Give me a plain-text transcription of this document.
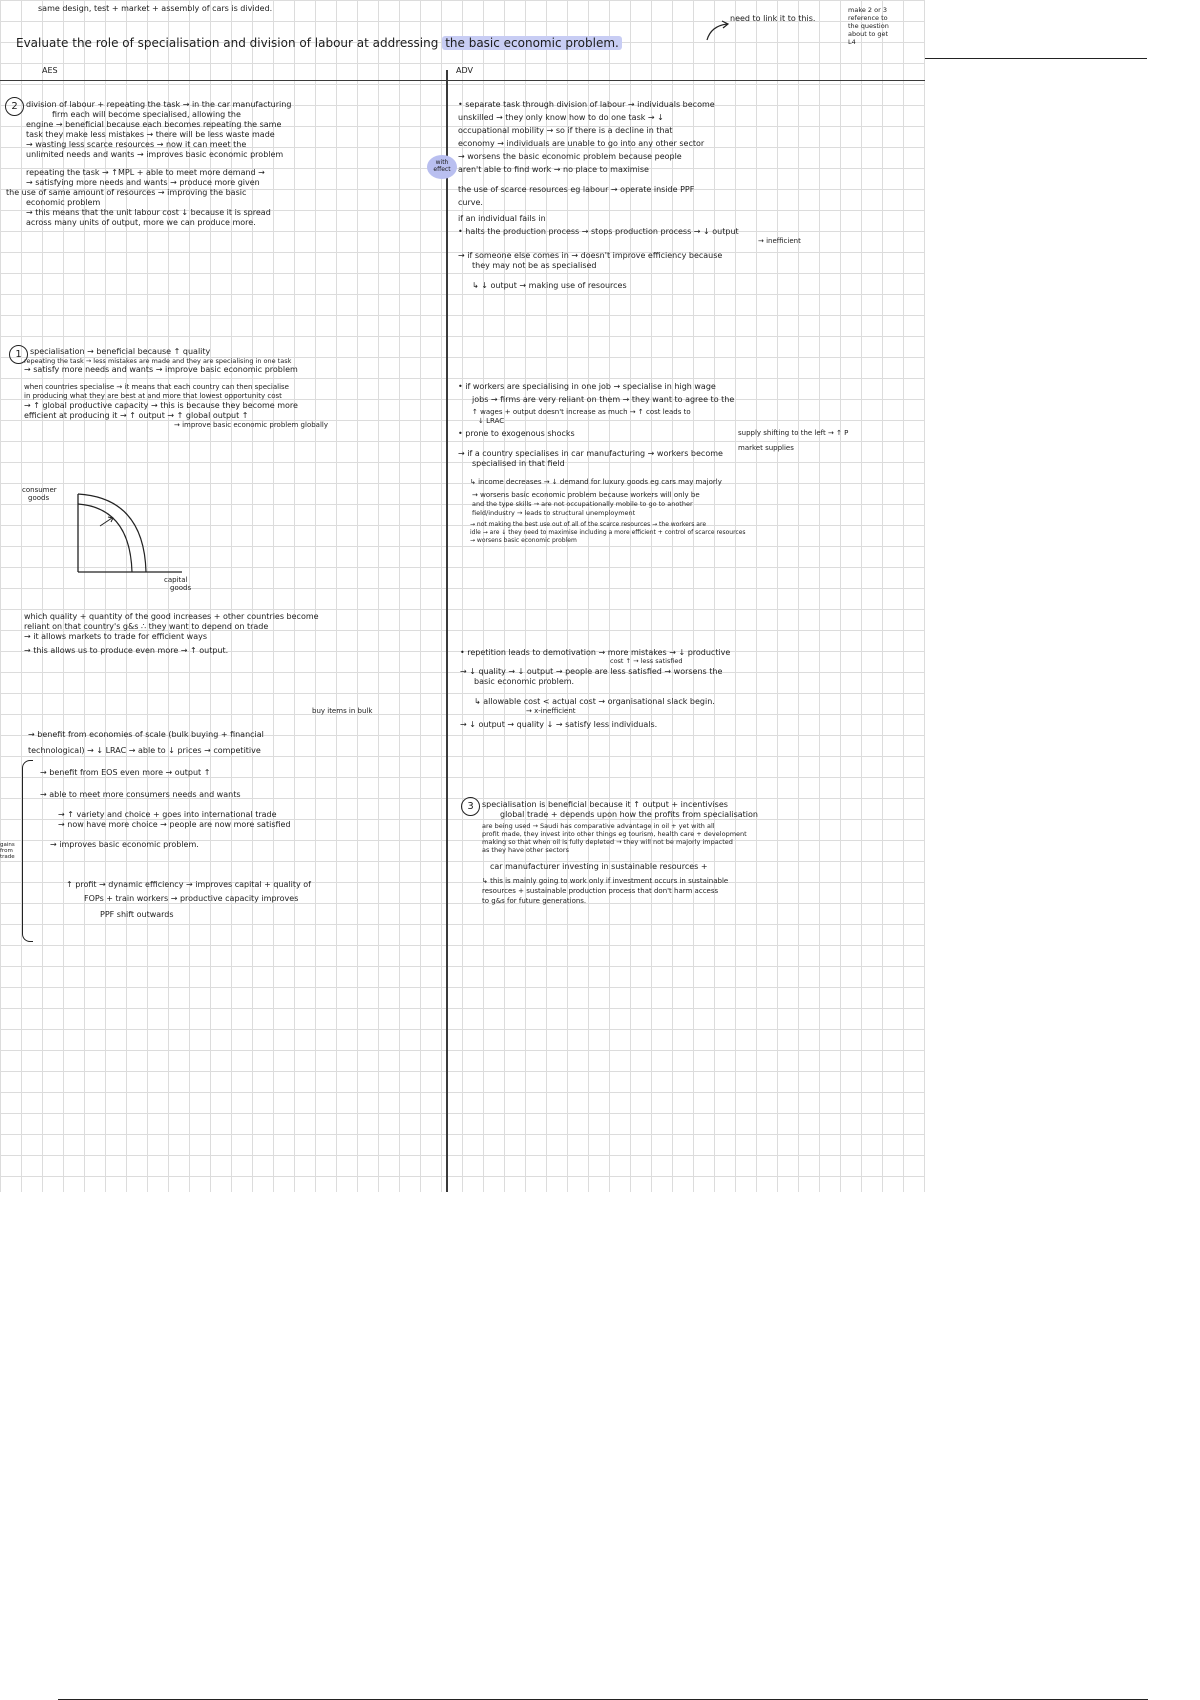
same design, test + market + assembly of cars is divided.
Evaluate the role of specialisation and division of labour at addressing the basic economic problem.
need to link it to this.
make 2 or 3
reference to
the question
about to get
L4
AES	ADV
2	division of labour + repeating the task → in the car manufacturing
firm each will become specialised, allowing the
engine → beneficial because each becomes repeating the same
task they make less mistakes → there will be less waste made
→ wasting less scarce resources → now it can meet the
unlimited needs and wants → improves basic economic problem
repeating the task → ↑MPL + able to meet more demand →
→ satisfying more needs and wants → produce more given
the use of same amount of resources → improving the basic
economic problem
→ this means that the unit labour cost ↓ because it is spread
across many units of output, more we can produce more.
1	specialisation → beneficial because ↑ quality
repeating the task → less mistakes are made and they are specialising in one task
→ satisfy more needs and wants → improve basic economic problem
when countries specialise → it means that each country can then specialise
in producing what they are best at and more that lowest opportunity cost
→ ↑ global productive capacity → this is because they become more
efficient at producing it → ↑ output → ↑ global output ↑
→ improve basic economic problem globally
consumer
goods
capital
goods
which quality + quantity of the good increases + other countries become
reliant on that country's g&s ∴ they want to depend on trade
→ it allows markets to trade for efficient ways
→ this allows us to produce even more → ↑ output.
buy items in bulk
→ benefit from economies of scale (bulk buying + financial
technological) → ↓ LRAC → able to ↓ prices → competitive
→ benefit from EOS even more → output ↑
→ able to meet more consumers needs and wants
→ ↑ variety and choice + goes into international trade
→ now have more choice → people are now more satisfied
→ improves basic economic problem.
↑ profit → dynamic efficiency → improves capital + quality of
FOPs + train workers → productive capacity improves
PPF shift outwards
gains from trade
with effect
• separate task through division of labour → individuals become
unskilled → they only know how to do one task → ↓
occupational mobility → so if there is a decline in that
economy → individuals are unable to go into any other sector
→ worsens the basic economic problem because people
aren't able to find work → no place to maximise
the use of scarce resources eg labour → operate inside PPF
curve.
if an individual fails in
• halts the production process → stops production process → ↓ output
→ inefficient
→ if someone else comes in → doesn't improve efficiency because
they may not be as specialised
↳ ↓ output → making use of resources
• if workers are specialising in one job → specialise in high wage
jobs → firms are very reliant on them → they want to agree to the
↑ wages + output doesn't increase as much → ↑ cost leads to
↓ LRAC
supply shifting to the left → ↑ P
• prone to exogenous shocks
market supplies
→ if a country specialises in car manufacturing → workers become
specialised in that field
↳ income decreases → ↓ demand for luxury goods eg cars may majorly
→ worsens basic economic problem because workers will only be
and the type skills → are not occupationally mobile to go to another
field/industry → leads to structural unemployment
→ not making the best use out of all of the scarce resources → the workers are
idle → are ↓ they need to maximise including a more efficient + control of scarce resources
→ worsens basic economic problem
• repetition leads to demotivation → more mistakes → ↓ productive
cost ↑ → less satisfied
→ ↓ quality → ↓ output → people are less satisfied → worsens the
basic economic problem.
↳ allowable cost < actual cost → organisational slack begin.
→ x-inefficient
→ ↓ output → quality ↓ → satisfy less individuals.
3	specialisation is beneficial because it ↑ output + incentivises
global trade + depends upon how the profits from specialisation
are being used → Saudi has comparative advantage in oil + yet with all
profit made, they invest into other things eg tourism, health care + development
making so that when oil is fully depleted → they will not be majorly impacted
as they have other sectors
car manufacturer investing in sustainable resources +
↳ this is mainly going to work only if investment occurs in sustainable
resources + sustainable production process that don't harm access
to g&s for future generations.
